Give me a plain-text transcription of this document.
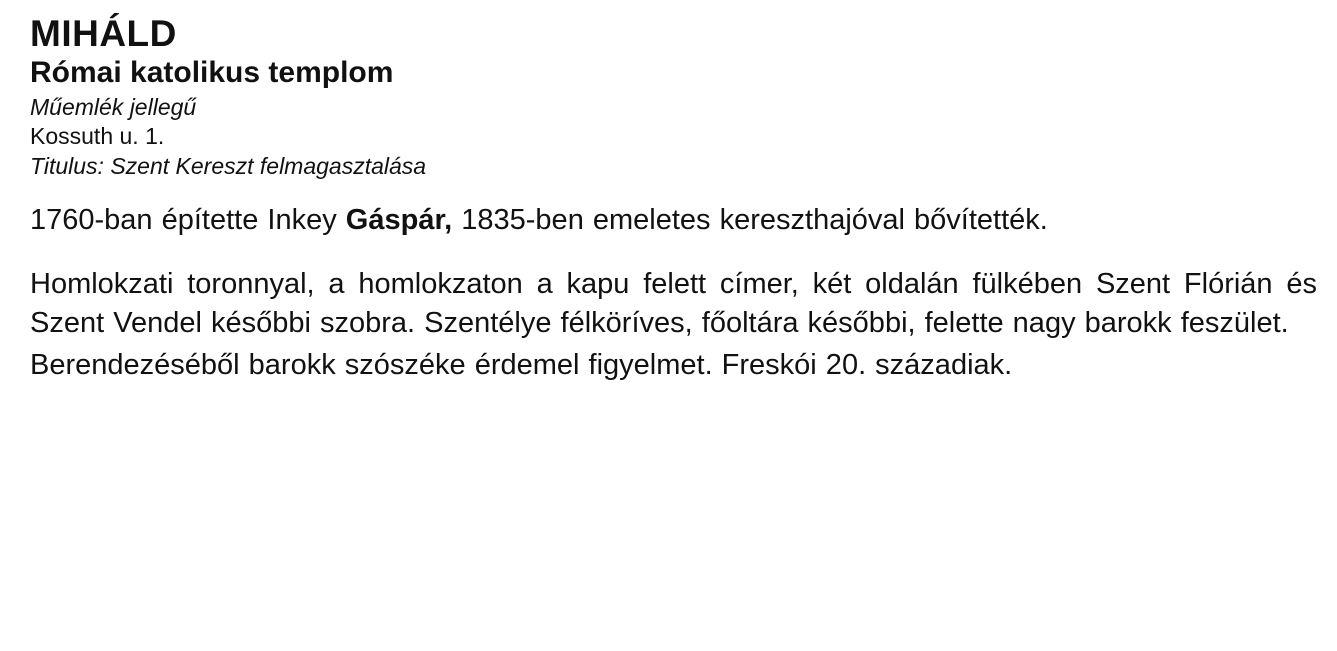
MIHÁLD
Római katolikus templom

Műemlék jellegű

Kossuth u. 1.

Titulus: Szent Kereszt felmagasztalása

1760-ban építette Inkey Gáspár, 1835-ben emeletes kereszthajóval bővítették.

Homlokzati toronnyal, a homlokzaton a kapu felett címer, két oldalán fülkében Szent Flórián és Szent Vendel későbbi szobra. Szentélye félköríves, főoltára későbbi, felette nagy barokk feszület.

Berendezéséből barokk szószéke érdemel figyelmet. Freskói 20. századiak.
